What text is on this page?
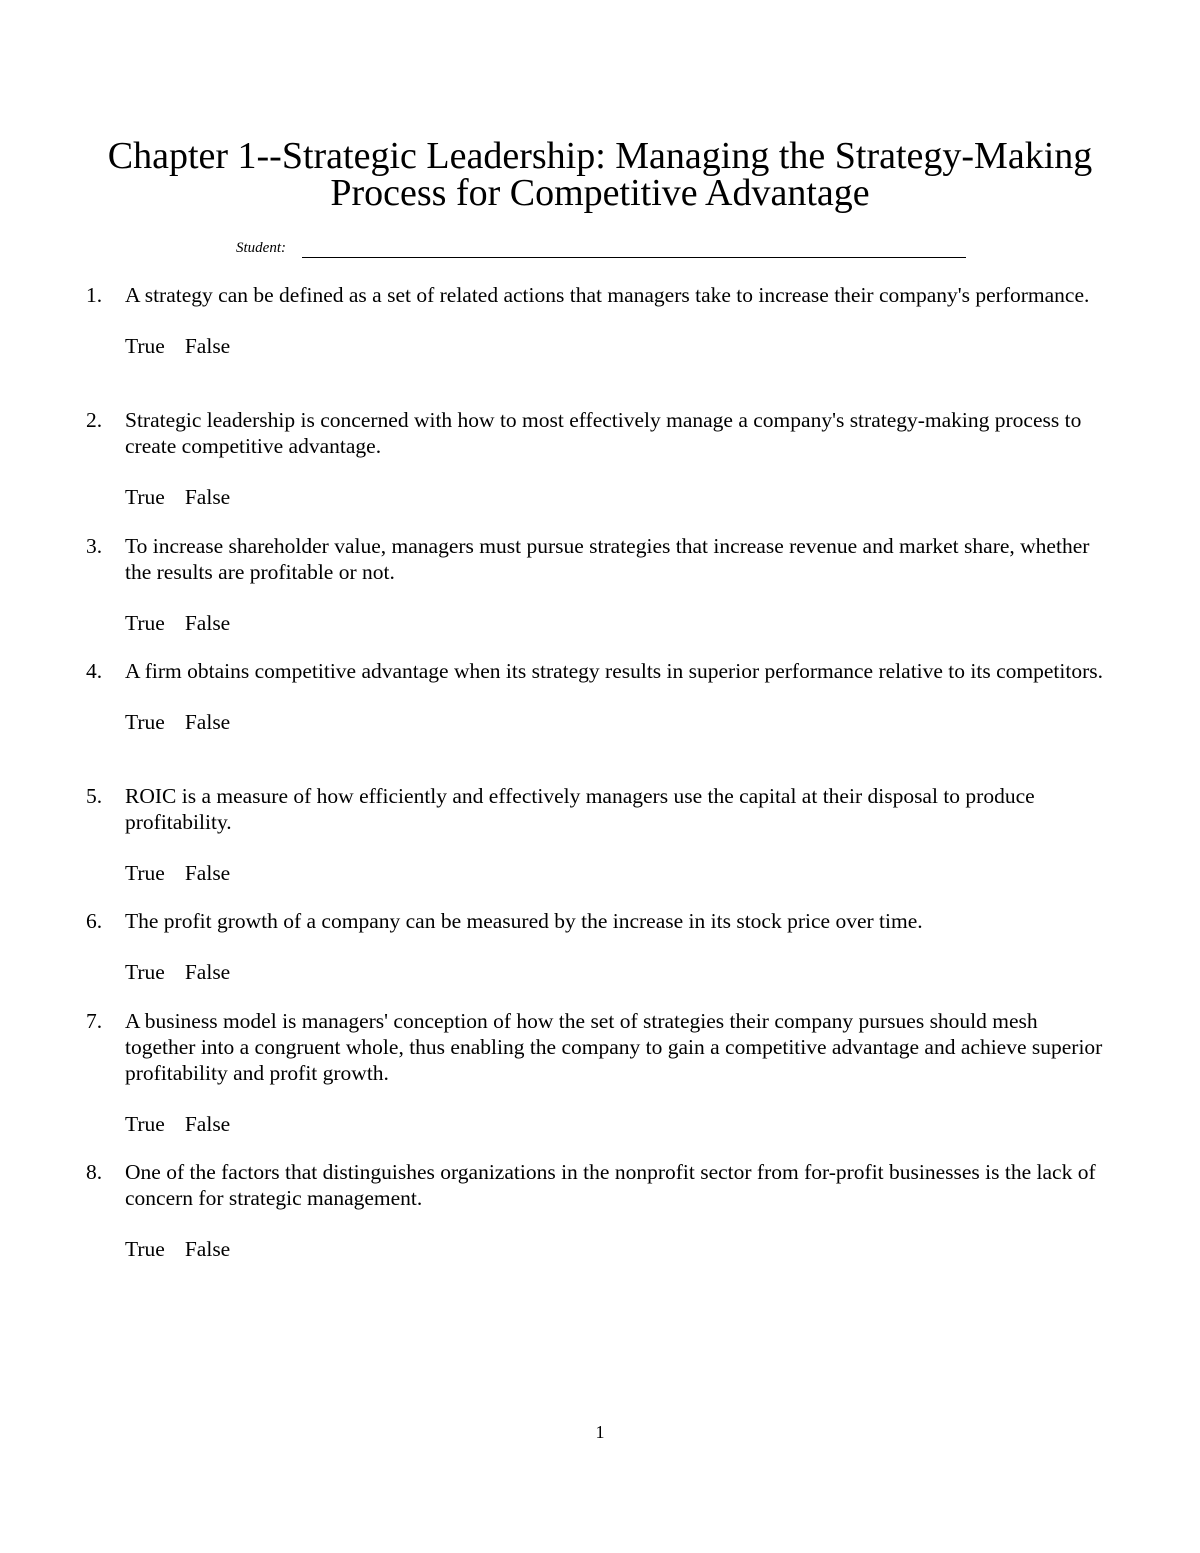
Chapter 1--Strategic Leadership: Managing the Strategy-Making
Process for Competitive Advantage
Student:
1.	A strategy can be defined as a set of related actions that managers take to increase their company's performance.
True False
2.	Strategic leadership is concerned with how to most effectively manage a company's strategy-making process to create competitive advantage.
True False
3.	To increase shareholder value, managers must pursue strategies that increase revenue and market share, whether the results are profitable or not.
True False
4.	A firm obtains competitive advantage when its strategy results in superior performance relative to its competitors.
True False
5.	ROIC is a measure of how efficiently and effectively managers use the capital at their disposal to produce profitability.
True False
6.	The profit growth of a company can be measured by the increase in its stock price over time.
True False
7.	A business model is managers' conception of how the set of strategies their company pursues should mesh together into a congruent whole, thus enabling the company to gain a competitive advantage and achieve superior profitability and profit growth.
True False
8.	One of the factors that distinguishes organizations in the nonprofit sector from for-profit businesses is the lack of concern for strategic management.
True False
1
